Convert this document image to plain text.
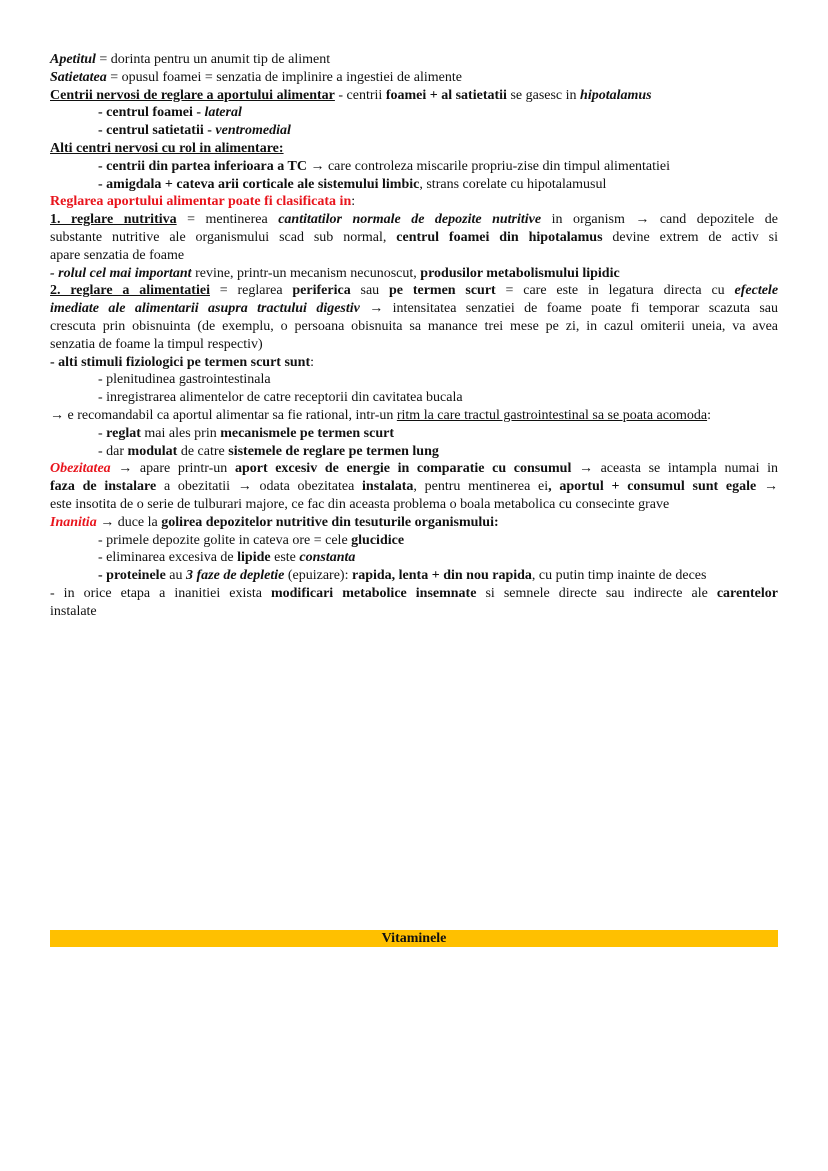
Apetitul = dorinta pentru un anumit tip de aliment
Satietatea = opusul foamei = senzatia de implinire a ingestiei de alimente
Centrii nervosi de reglare a aportului alimentar - centrii foamei + al satietatii se gasesc in hipotalamus
- centrul foamei - lateral
- centrul satietatii - ventromedial
Alti centri nervosi cu rol in alimentare:
- centrii din partea inferioara a TC → care controleza miscarile propriu-zise din timpul alimentatiei
- amigdala + cateva arii corticale ale sistemului limbic, strans corelate cu hipotalamusul
Reglarea aportului alimentar poate fi clasificata in:
1. reglare nutritiva = mentinerea cantitatilor normale de depozite nutritive in organism → cand depozitele de
substante nutritive ale organismului scad sub normal, centrul foamei din hipotalamus devine extrem de activ si
apare senzatia de foame
- rolul cel mai important revine, printr-un mecanism necunoscut, produsilor metabolismului lipidic
2. reglare a alimentatiei = reglarea periferica sau pe termen scurt = care este in legatura directa cu efectele
imediate ale alimentarii asupra tractului digestiv → intensitatea senzatiei de foame poate fi temporar scazuta sau
crescuta prin obisnuinta (de exemplu, o persoana obisnuita sa manance trei mese pe zi, in cazul omiterii uneia, va avea
senzatia de foame la timpul respectiv)
- alti stimuli fiziologici pe termen scurt sunt:
- plenitudinea gastrointestinala
- inregistrarea alimentelor de catre receptorii din cavitatea bucala
→ e recomandabil ca aportul alimentar sa fie rational, intr-un ritm la care tractul gastrointestinal sa se poata acomoda:
- reglat mai ales prin mecanismele pe termen scurt
- dar modulat de catre sistemele de reglare pe termen lung
Obezitatea → apare printr-un aport excesiv de energie in comparatie cu consumul → aceasta se intampla numai in
faza de instalare a obezitatii → odata obezitatea instalata, pentru mentinerea ei, aportul + consumul sunt egale →
este insotita de o serie de tulburari majore, ce fac din aceasta problema o boala metabolica cu consecinte grave
Inanitia → duce la golirea depozitelor nutritive din tesuturile organismului:
- primele depozite golite in cateva ore = cele glucidice
- eliminarea excesiva de lipide este constanta
- proteinele au 3 faze de depletie (epuizare): rapida, lenta + din nou rapida, cu putin timp inainte de deces
- in orice etapa a inanitiei exista modificari metabolice insemnate si semnele directe sau indirecte ale carentelor
instalate
Vitaminele
